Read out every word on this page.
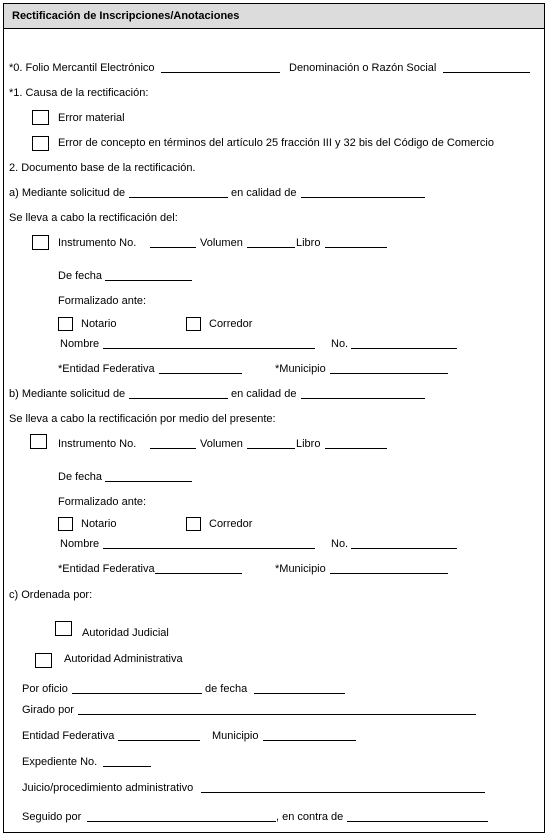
Rectificación de Inscripciones/Anotaciones
*0. Folio Mercantil Electrónico	Denominación o Razón Social
*1. Causa de la rectificación:
Error material
Error de concepto en términos del artículo 25 fracción III y 32 bis del Código de Comercio
2. Documento base de la rectificación.
a) Mediante solicitud de	en calidad de
Se lleva a cabo la rectificación del:
Instrumento No.	Volumen	Libro
De fecha
Formalizado ante:
Notario	Corredor
Nombre	No.
*Entidad Federativa	*Municipio
b) Mediante solicitud de	en calidad de
Se lleva a cabo la rectificación por medio del presente:
Instrumento No.	Volumen	Libro
De fecha
Formalizado ante:
Notario	Corredor
Nombre	No.
*Entidad Federativa	*Municipio
c) Ordenada por:
Autoridad Judicial
Autoridad Administrativa
Por oficio	de fecha
Girado por
Entidad Federativa	Municipio
Expediente No.
Juicio/procedimiento administrativo
Seguido por	, en contra de
